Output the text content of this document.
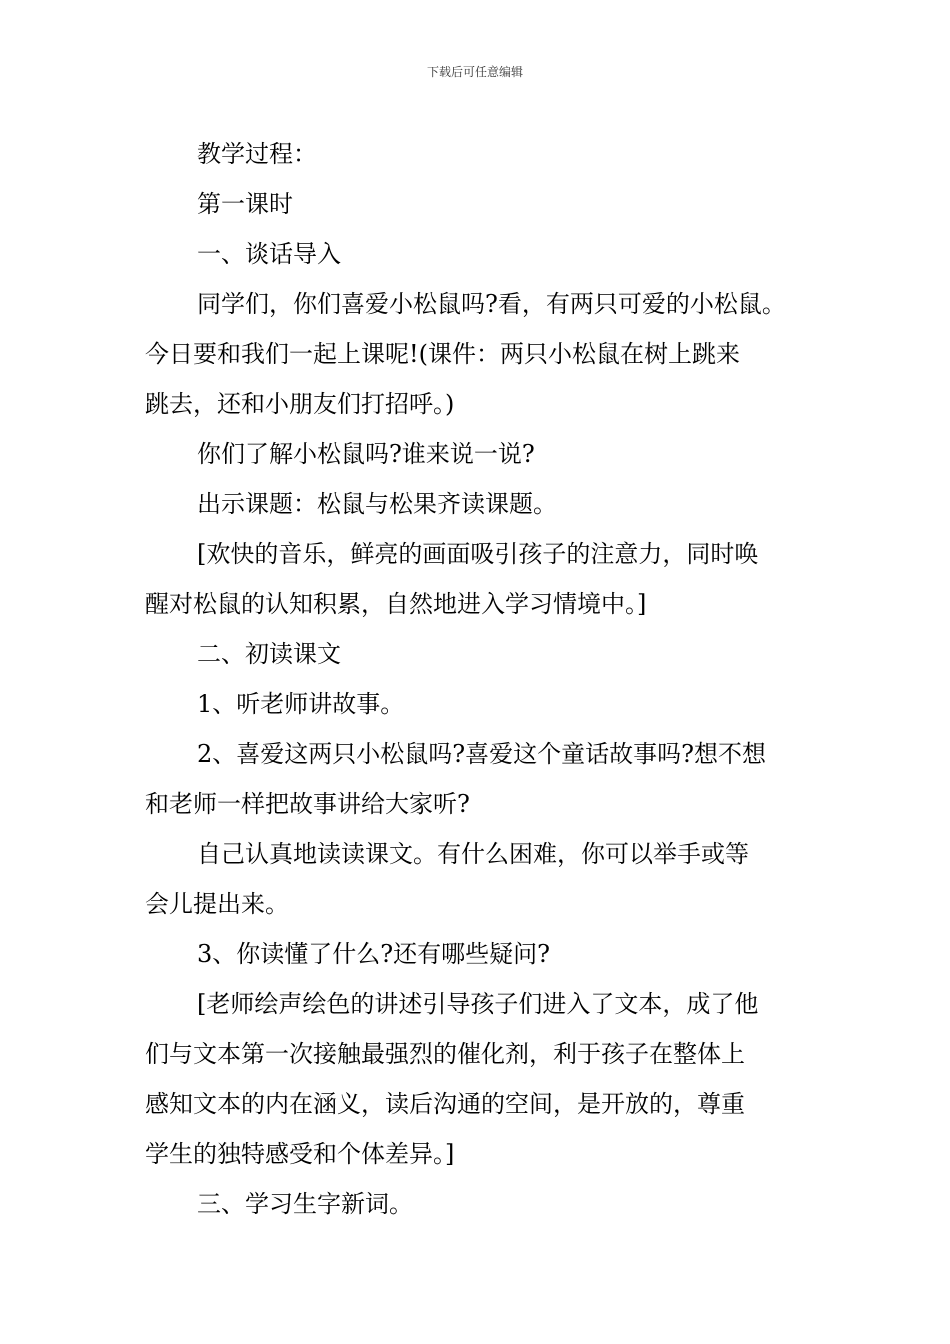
下载后可任意编辑

教学过程：

第一课时

一、谈话导入

同学们，你们喜爱小松鼠吗?看，有两只可爱的小松鼠。

今日要和我们一起上课呢!(课件：两只小松鼠在树上跳来

跳去，还和小朋友们打招呼。)

你们了解小松鼠吗?谁来说一说?

出示课题：松鼠与松果齐读课题。

[欢快的音乐，鲜亮的画面吸引孩子的注意力，同时唤

醒对松鼠的认知积累，自然地进入学习情境中。]

二、初读课文

1、听老师讲故事。

2、喜爱这两只小松鼠吗?喜爱这个童话故事吗?想不想

和老师一样把故事讲给大家听?

自己认真地读读课文。有什么困难，你可以举手或等

会儿提出来。

3、你读懂了什么?还有哪些疑问?

[老师绘声绘色的讲述引导孩子们进入了文本，成了他

们与文本第一次接触最强烈的催化剂，利于孩子在整体上

感知文本的内在涵义，读后沟通的空间，是开放的，尊重

学生的独特感受和个体差异。]

三、学习生字新词。
